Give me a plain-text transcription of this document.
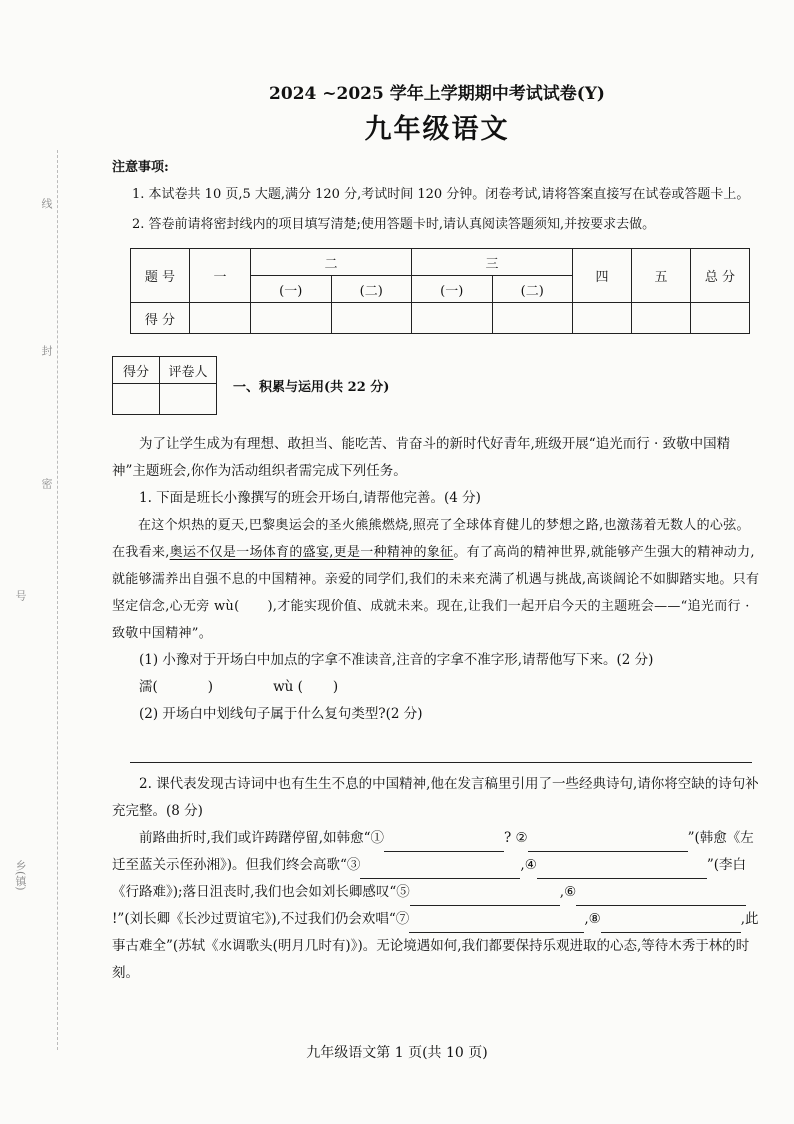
线
封
密
号
乡(镇)
2024 ~2025 学年上学期期中考试试卷(Y)
九年级语文
注意事项:
1. 本试卷共 10 页,5 大题,满分 120 分,考试时间 120 分钟。闭卷考试,请将答案直接写在试卷或答题卡上。
2. 答卷前请将密封线内的项目填写清楚;使用答题卡时,请认真阅读答题须知,并按要求去做。
题 号	一	二		三		四	五	总 分
		(一)	(二)	(一)	(二)			
得 分								
得分	评卷人

一、积累与运用(共 22 分)

为了让学生成为有理想、敢担当、能吃苦、肯奋斗的新时代好青年,班级开展“追光而行 · 致敬中国精神”主题班会,你作为活动组织者需完成下列任务。

1. 下面是班长小豫撰写的班会开场白,请帮他完善。(4 分)

在这个炽热的夏天,巴黎奥运会的圣火熊熊燃烧,照亮了全球体育健儿的梦想之路,也激荡着无数人的心弦。在我看来,奥运不仅是一场体育的盛宴,更是一种精神的象征。有了高尚的精神世界,就能够产生强大的精神动力,就能够濡养出自强不息的中国精神。亲爱的同学们,我们的未来充满了机遇与挑战,高谈阔论不如脚踏实地。只有坚定信念,心无旁 wù( ),才能实现价值、成就未来。现在,让我们一起开启今天的主题班会——“追光而行 · 致敬中国精神”。

(1) 小豫对于开场白中加点的字拿不准读音,注音的字拿不准字形,请帮他写下来。(2 分)

濡(	)	wù ( )

(2) 开场白中划线句子属于什么复句类型?(2 分)

2. 课代表发现古诗词中也有生生不息的中国精神,他在发言稿里引用了一些经典诗句,请你将空缺的诗句补充完整。(8 分)

前路曲折时,我们或许踌躇停留,如韩愈“①	? ②	”(韩愈《左迁至蓝关示侄孙湘》)。但我们终会高歌“③	,④	”(李白《行路难》);落日沮丧时,我们也会如刘长卿感叹“⑤	,⑥!”(刘长卿《长沙过贾谊宅》),不过我们仍会欢唱“⑦	,⑧	,此事古难全”(苏轼《水调歌头(明月几时有)》)。无论境遇如何,我们都要保持乐观进取的心态,等待木秀于林的时刻。
九年级语文第 1 页(共 10 页)
